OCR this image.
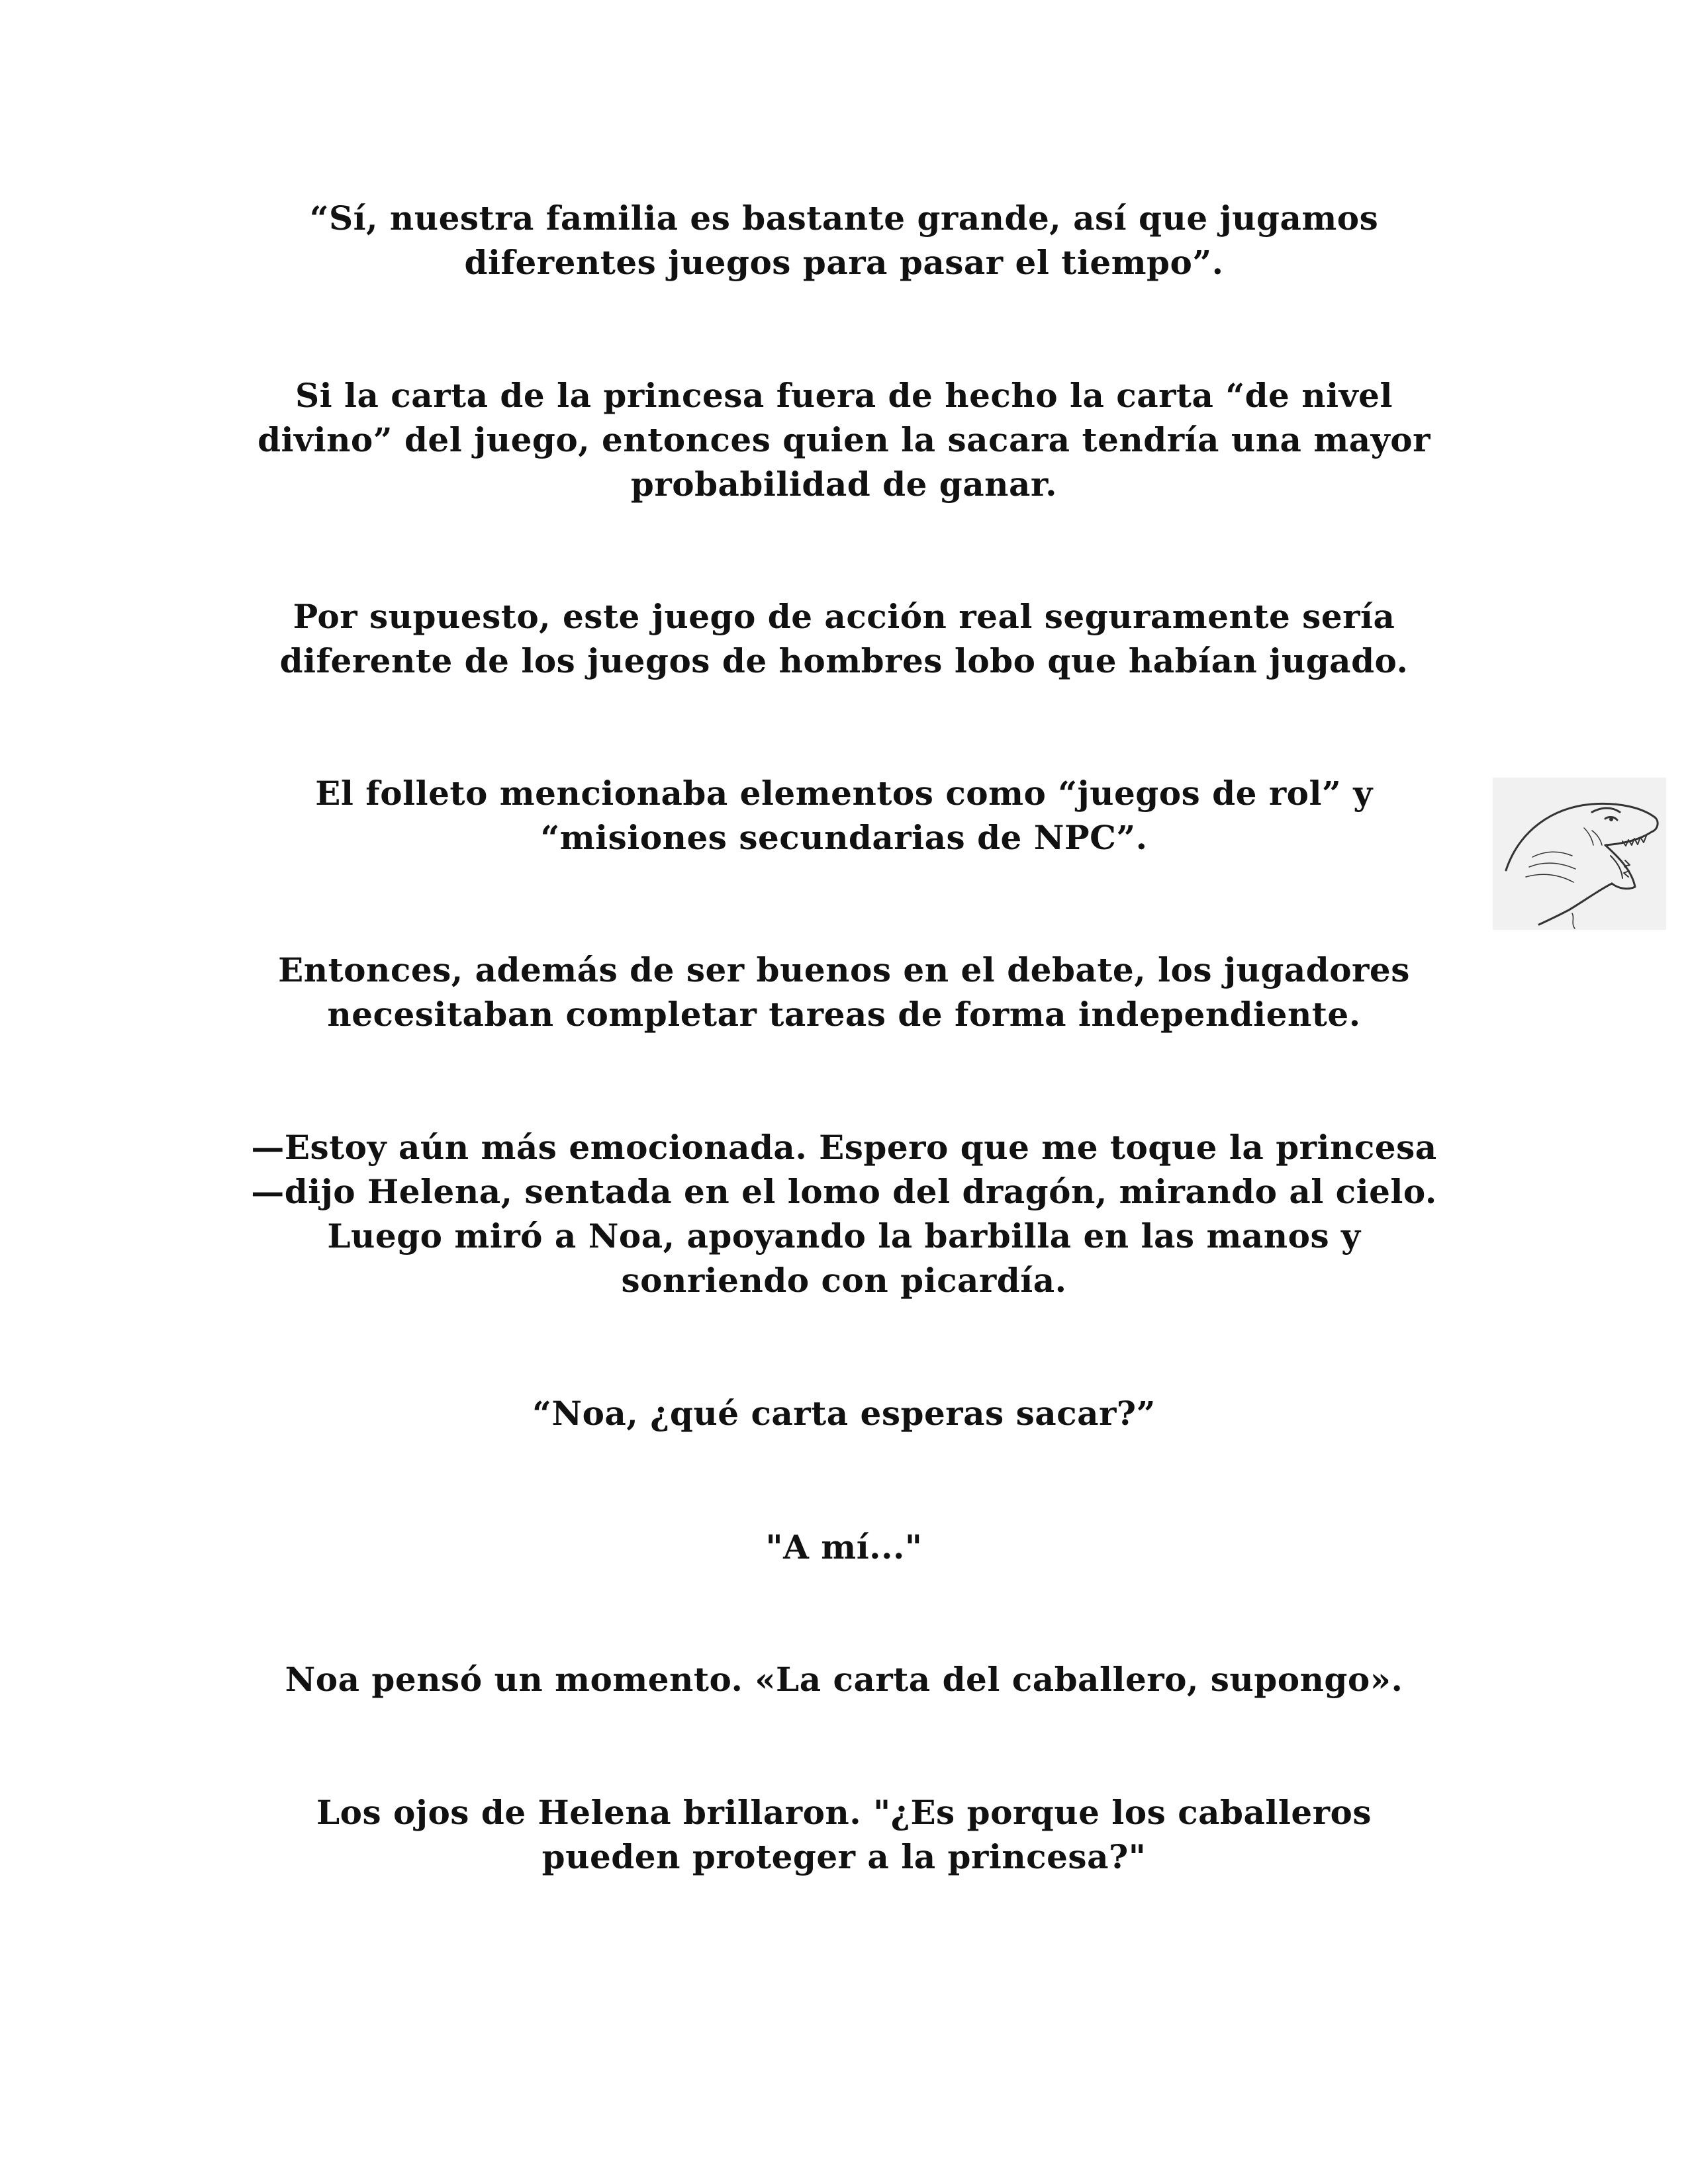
“Sí, nuestra familia es bastante grande, así que jugamos
diferentes juegos para pasar el tiempo”.

Si la carta de la princesa fuera de hecho la carta “de nivel
divino” del juego, entonces quien la sacara tendría una mayor
probabilidad de ganar.

Por supuesto, este juego de acción real seguramente sería
diferente de los juegos de hombres lobo que habían jugado.

El folleto mencionaba elementos como “juegos de rol” y
“misiones secundarias de NPC”.

Entonces, además de ser buenos en el debate, los jugadores
necesitaban completar tareas de forma independiente.

—Estoy aún más emocionada. Espero que me toque la princesa
—dijo Helena, sentada en el lomo del dragón, mirando al cielo.
Luego miró a Noa, apoyando la barbilla en las manos y
sonriendo con picardía.

“Noa, ¿qué carta esperas sacar?”

"A mí..."

Noa pensó un momento. «La carta del caballero, supongo».

Los ojos de Helena brillaron. "¿Es porque los caballeros
pueden proteger a la princesa?"
